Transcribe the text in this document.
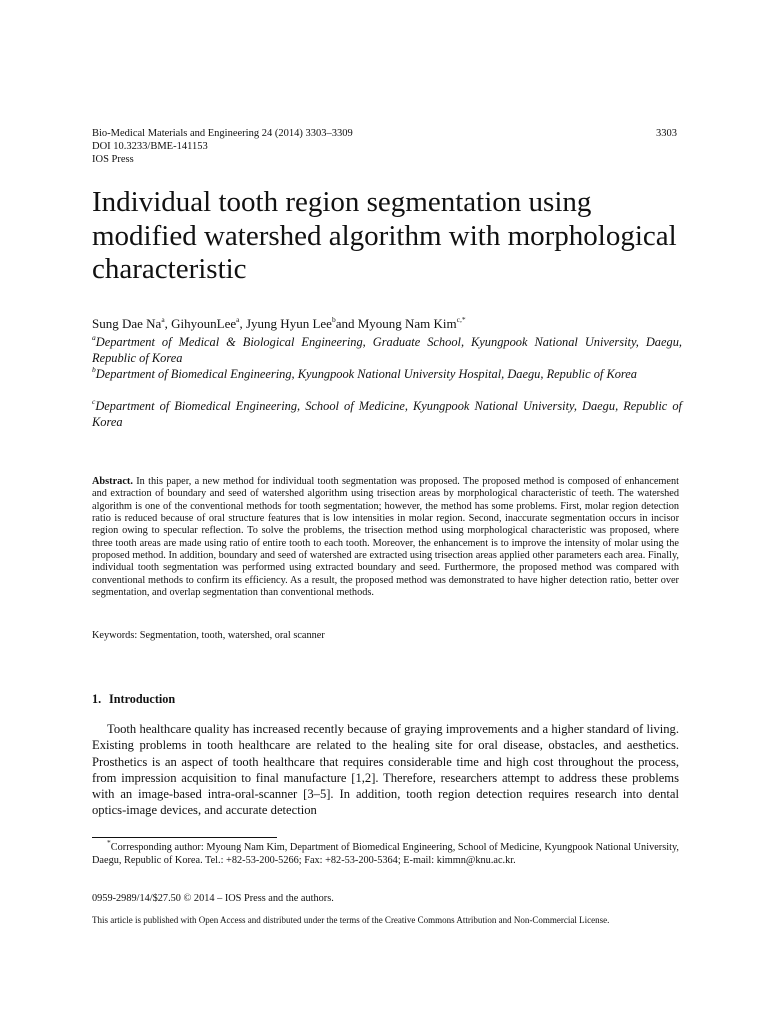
Bio-Medical Materials and Engineering 24 (2014) 3303–3309
DOI 10.3233/BME-141153
IOS Press
3303
Individual tooth region segmentation using modified watershed algorithm with morphological characteristic
Sung Dae Na$^a$, GihyounLee$^a$, Jyung Hyun Lee$^b$and Myoung Nam Kim$^{c,*}$
$^a$Department of Medical & Biological Engineering, Graduate School, Kyungpook National University, Daegu, Republic of Korea
$^b$Department of Biomedical Engineering, Kyungpook National University Hospital, Daegu, Republic of Korea
$^c$Department of Biomedical Engineering, School of Medicine, Kyungpook National University, Daegu, Republic of Korea
Abstract. In this paper, a new method for individual tooth segmentation was proposed. The proposed method is composed of enhancement and extraction of boundary and seed of watershed algorithm using trisection areas by morphological characteristic of teeth. The watershed algorithm is one of the conventional methods for tooth segmentation; however, the method has some problems. First, molar region detection ratio is reduced because of oral structure features that is low intensities in molar region. Second, inaccurate segmentation occurs in incisor region owing to specular reflection. To solve the problems, the trisection method using morphological characteristic was proposed, where three tooth areas are made using ratio of entire tooth to each tooth. Moreover, the enhancement is to improve the intensity of molar using the proposed method. In addition, boundary and seed of watershed are extracted using trisection areas applied other parameters each area. Finally, individual tooth segmentation was performed using extracted boundary and seed. Furthermore, the proposed method was compared with conventional methods to confirm its efficiency. As a result, the proposed method was demonstrated to have higher detection ratio, better over segmentation, and overlap segmentation than conventional methods.
Keywords: Segmentation, tooth, watershed, oral scanner
1. Introduction

Tooth healthcare quality has increased recently because of graying improvements and a higher standard of living. Existing problems in tooth healthcare are related to the healing site for oral disease, obstacles, and aesthetics. Prosthetics is an aspect of tooth healthcare that requires considerable time and high cost throughout the process, from impression acquisition to final manufacture [1,2]. Therefore, researchers attempt to address these problems with an image-based intra-oral-scanner [3–5]. In addition, tooth region detection requires research into dental optics-image devices, and accurate detection

*Corresponding author: Myoung Nam Kim, Department of Biomedical Engineering, School of Medicine, Kyungpook National University, Daegu, Republic of Korea. Tel.: +82-53-200-5266; Fax: +82-53-200-5364; E-mail: kimmn@knu.ac.kr.
0959-2989/14/$27.50 © 2014 – IOS Press and the authors.
This article is published with Open Access and distributed under the terms of the Creative Commons Attribution and Non-Commercial License.
